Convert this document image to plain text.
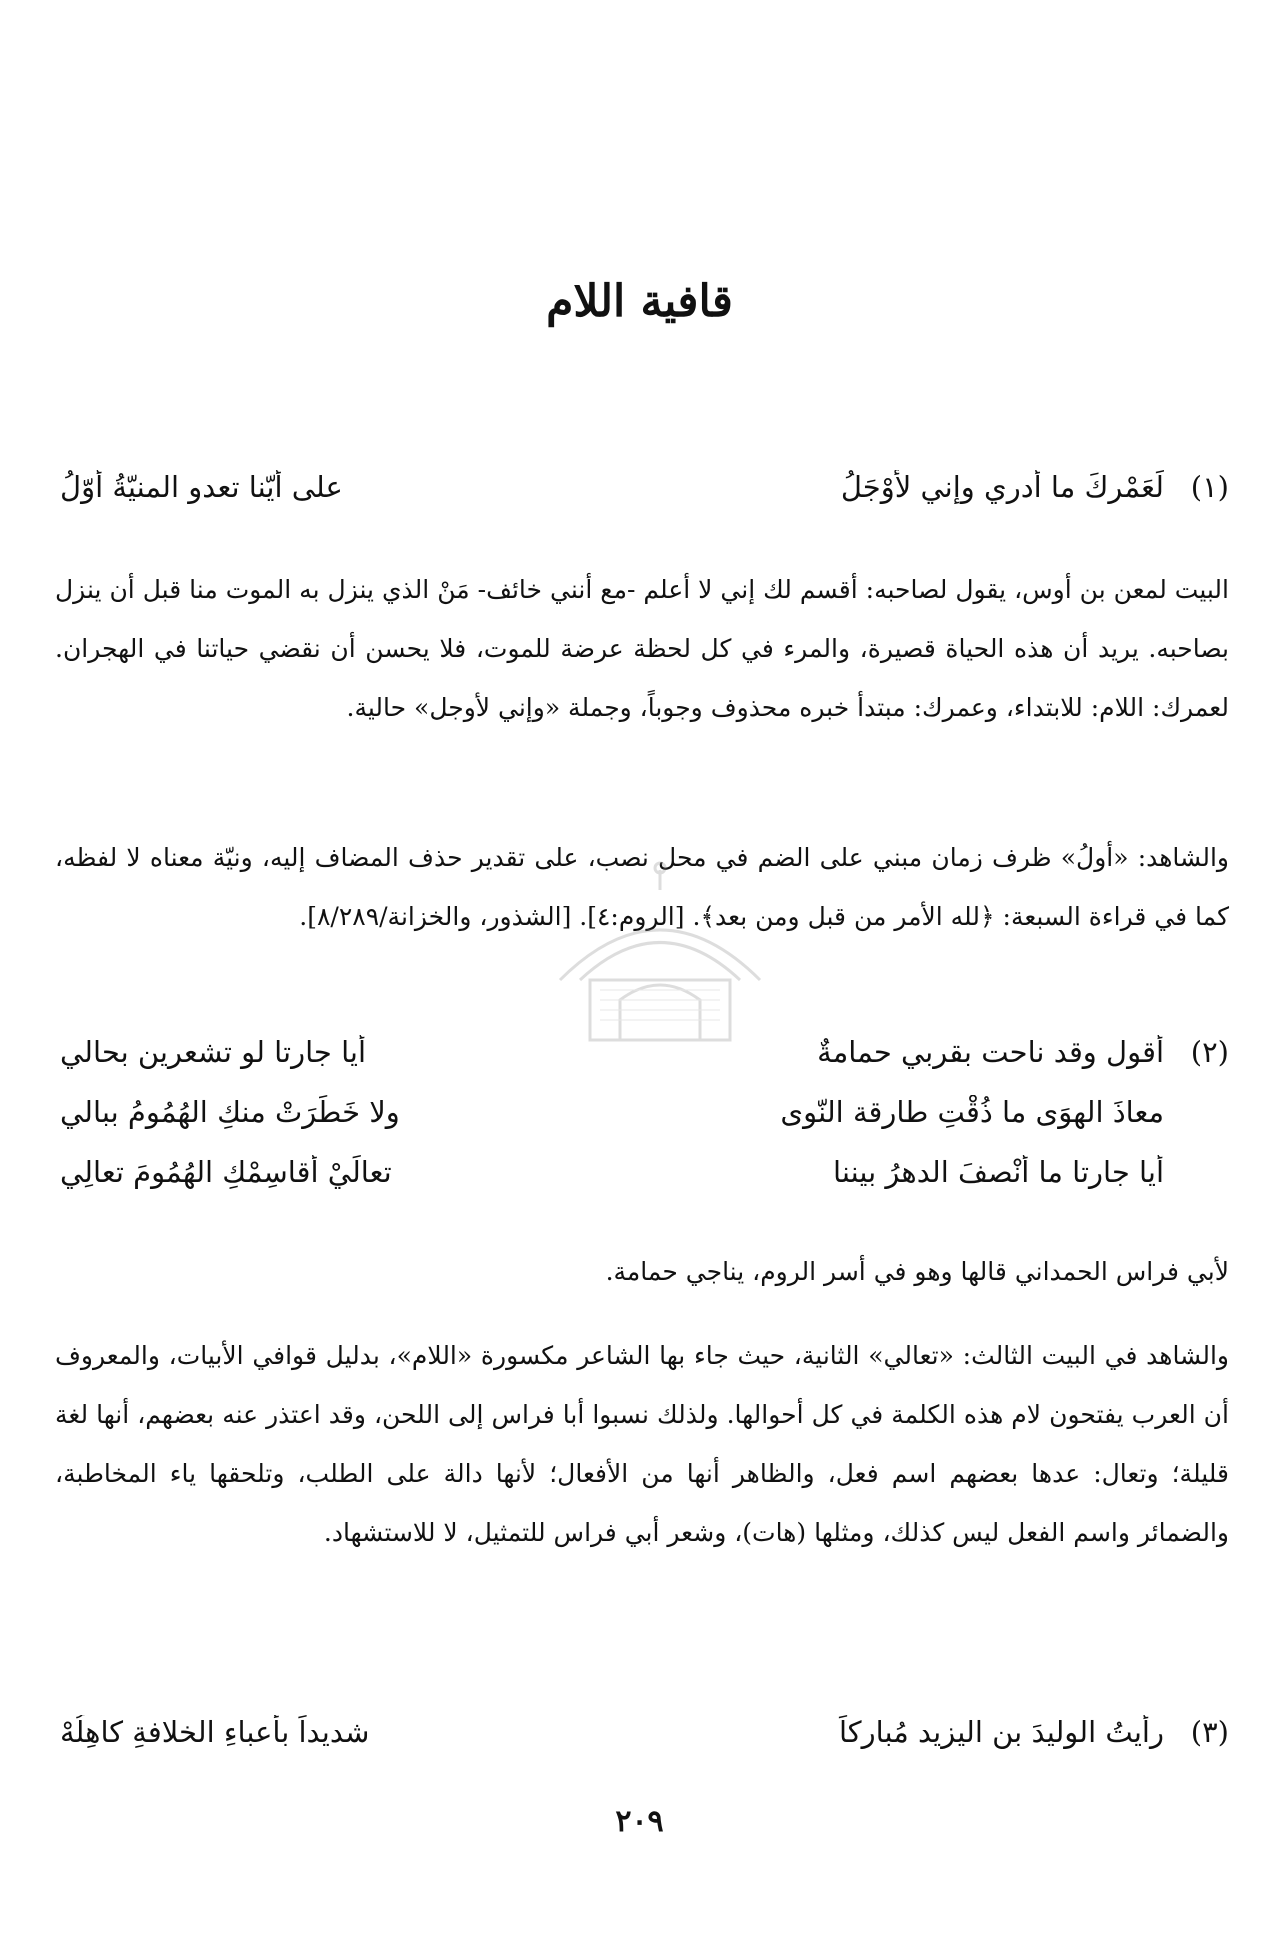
قافية اللام
(١)
لَعَمْرِكَ ما أدري وإني لأَوْجَلُ
على أيّنا تعدو المنيّةُ أوّلُ

البيت لمعن بن أوس، يقول لصاحبه: أقسم لك إني لا أعلم -مع أنني خائف- مَنْ الذي ينزل به الموت منا قبل أن ينزل بصاحبه. يريد أن هذه الحياة قصيرة، والمرء في كل لحظة عرضة للموت، فلا يحسن أن نقضي حياتنا في الهجران. لعمرك: اللام: للابتداء، وعمرك: مبتدأ خبره محذوف وجوباً، وجملة «وإني لأوجل» حالية.

والشاهد: «أولُ» ظرف زمان مبني على الضم في محل نصب، على تقدير حذف المضاف إليه، ونيّة معناه لا لفظه، كما في قراءة السبعة: ﴿لله الأمر من قبل ومن بعد﴾. [الروم:٤]. [الشذور، والخزانة/٨/٢٨٩].

(٢)
أقول وقد ناحت بقربي حمامةٌ
أيا جارتا لو تشعرين بحالي
معاذَ الهوَى ما ذُقْتِ طارقة النّوى
ولا خَطَرَتْ منكِ الهُمُومُ ببالي
أيا جارتا ما أنْصفَ الدهرُ بيننا
تعالَيْ أقاسِمْكِ الهُمُومَ تعالِي

لأبي فراس الحمداني قالها وهو في أسر الروم، يناجي حمامة.

والشاهد في البيت الثالث: «تعالي» الثانية، حيث جاء بها الشاعر مكسورة «اللام»، بدليل قوافي الأبيات، والمعروف أن العرب يفتحون لام هذه الكلمة في كل أحوالها. ولذلك نسبوا أبا فراس إلى اللحن، وقد اعتذر عنه بعضهم، أنها لغة قليلة؛ وتعال: عدها بعضهم اسم فعل، والظاهر أنها من الأفعال؛ لأنها دالة على الطلب، وتلحقها ياء المخاطبة، والضمائر واسم الفعل ليس كذلك، ومثلها (هات)، وشعر أبي فراس للتمثيل، لا للاستشهاد.

(٣)
رأيتُ الوليدَ بن اليزيد مُباركاً
شديداً بأعباءِ الخلافةِ كاهِلُهْ
٢٠٩
